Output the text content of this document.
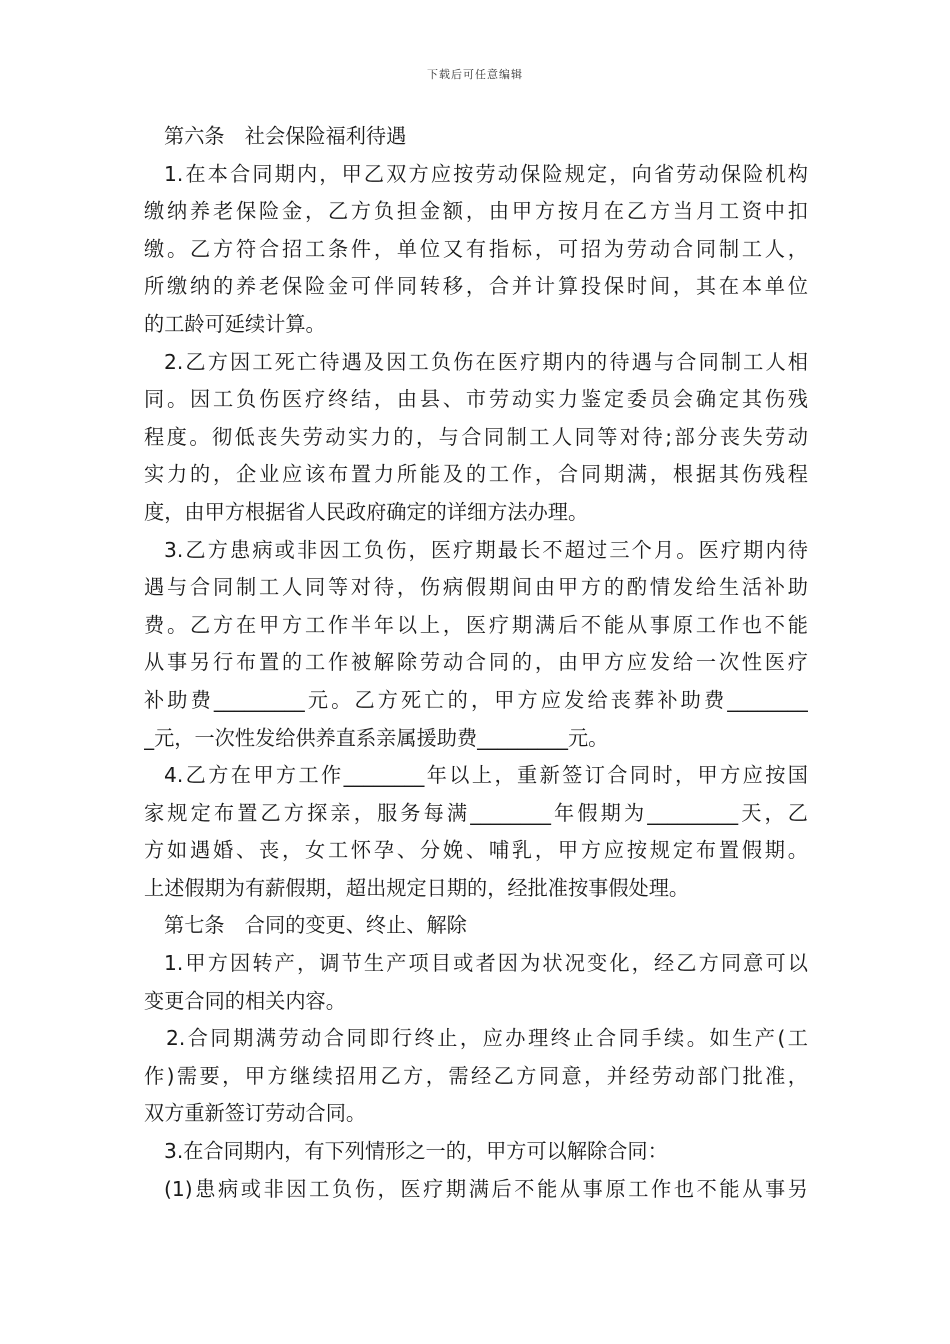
下载后可任意编辑
第六条　社会保险福利待遇
1.在本合同期内，甲乙双方应按劳动保险规定，向省劳动保险机构
缴纳养老保险金，乙方负担金额，由甲方按月在乙方当月工资中扣
缴。乙方符合招工条件，单位又有指标，可招为劳动合同制工人，
所缴纳的养老保险金可伴同转移，合并计算投保时间，其在本单位
的工龄可延续计算。
2.乙方因工死亡待遇及因工负伤在医疗期内的待遇与合同制工人相
同。因工负伤医疗终结，由县、市劳动实力鉴定委员会确定其伤残
程度。彻低丧失劳动实力的，与合同制工人同等对待;部分丧失劳动
实力的，企业应该布置力所能及的工作，合同期满，根据其伤残程
度，由甲方根据省人民政府确定的详细方法办理。
3.乙方患病或非因工负伤，医疗期最长不超过三个月。医疗期内待
遇与合同制工人同等对待，伤病假期间由甲方的酌情发给生活补助
费。乙方在甲方工作半年以上，医疗期满后不能从事原工作也不能
从事另行布置的工作被解除劳动合同的，由甲方应发给一次性医疗
补助费_________元。乙方死亡的，甲方应发给丧葬补助费________
_元，一次性发给供养直系亲属援助费_________元。
4.乙方在甲方工作________年以上，重新签订合同时，甲方应按国
家规定布置乙方探亲，服务每满________年假期为_________天，乙
方如遇婚、丧，女工怀孕、分娩、哺乳，甲方应按规定布置假期。
上述假期为有薪假期，超出规定日期的，经批准按事假处理。
第七条　合同的变更、终止、解除
1.甲方因转产，调节生产项目或者因为状况变化，经乙方同意可以
变更合同的相关内容。
2.合同期满劳动合同即行终止，应办理终止合同手续。如生产(工
作)需要，甲方继续招用乙方，需经乙方同意，并经劳动部门批准，
双方重新签订劳动合同。
3.在合同期内，有下列情形之一的，甲方可以解除合同：
(1)患病或非因工负伤，医疗期满后不能从事原工作也不能从事另
